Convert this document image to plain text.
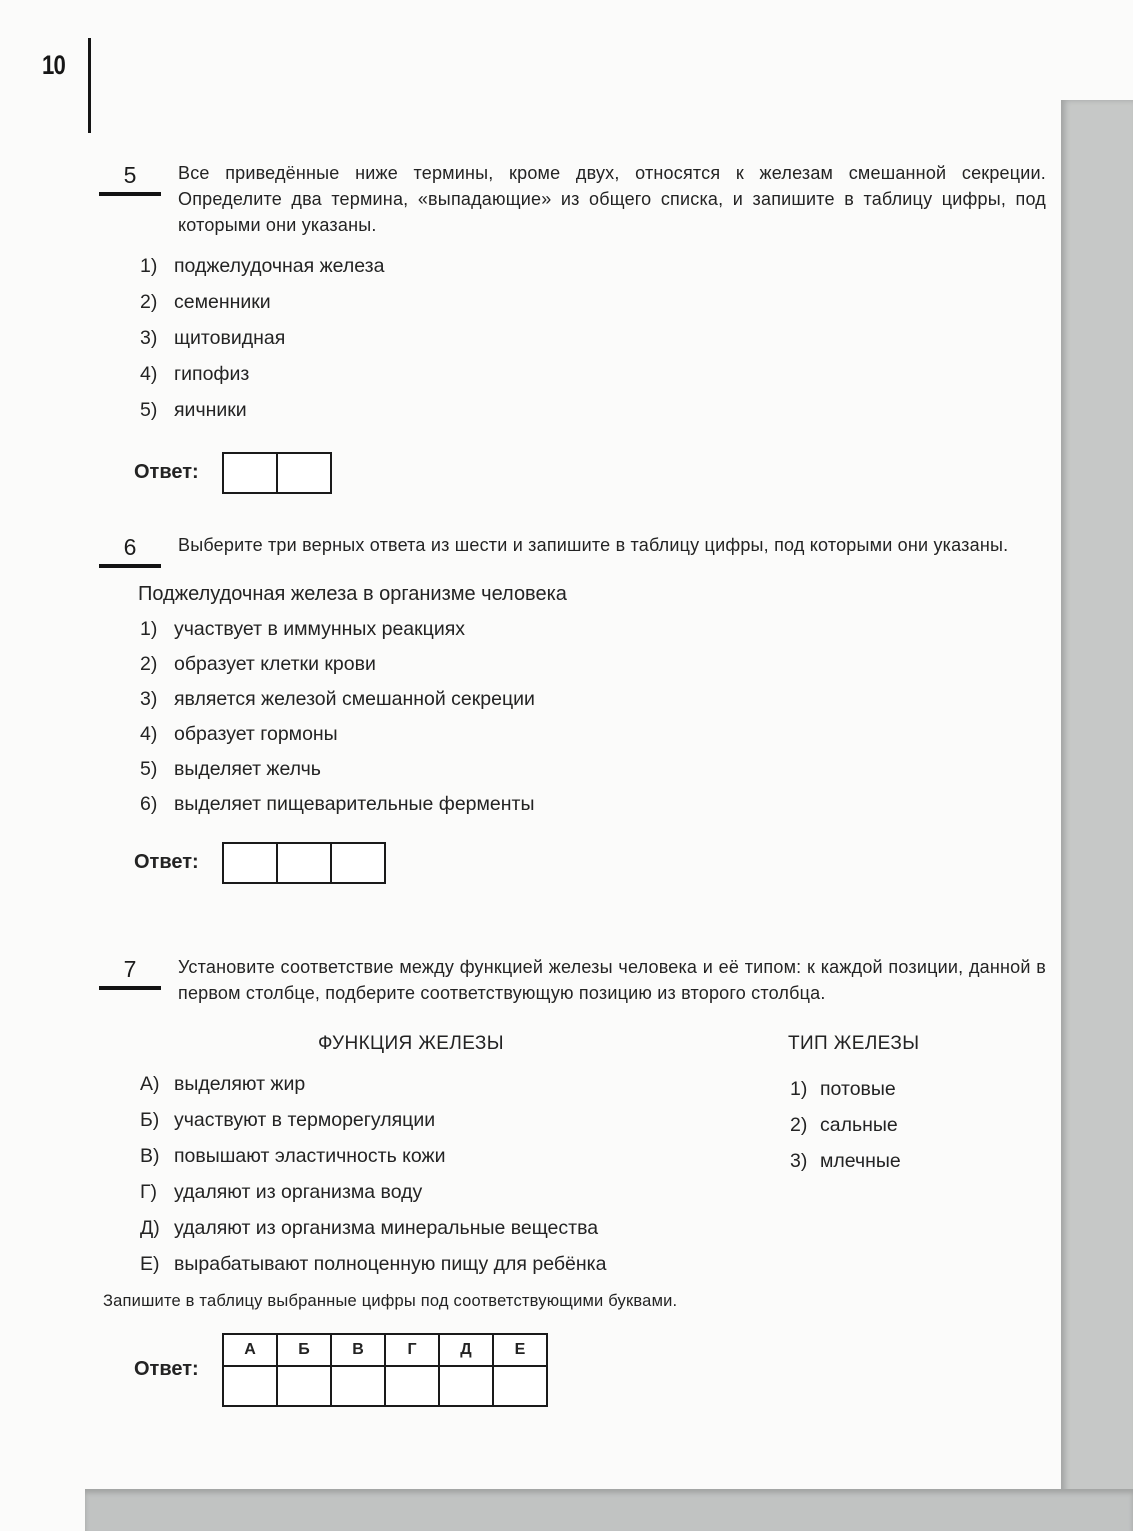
10
5	Все приведённые ниже термины, кроме двух, относятся к железам смешанной секреции. Определите два термина, «выпадающие» из общего списка, и запишите в таблицу цифры, под которыми они указаны.

1) поджелудочная железа
2) семенники
3) щитовидная
4) гипофиз
5) яичники
Ответ:
6	Выберите три верных ответа из шести и запишите в таблицу цифры, под которыми они указаны.

Поджелудочная железа в организме человека
1) участвует в иммунных реакциях
2) образует клетки крови
3) является железой смешанной секреции
4) образует гормоны
5) выделяет желчь
6) выделяет пищеварительные ферменты
Ответ:
7	Установите соответствие между функцией железы человека и её типом: к каждой позиции, данной в первом столбце, подберите соответствующую позицию из второго столбца.

ФУНКЦИЯ ЖЕЛЕЗЫ	ТИП ЖЕЛЕЗЫ
А) выделяют жир
Б) участвуют в терморегуляции
В) повышают эластичность кожи
Г) удаляют из организма воду
Д) удаляют из организма минеральные вещества
Е) вырабатывают полноценную пищу для ребёнка
1) потовые
2) сальные
3) млечные
Запишите в таблицу выбранные цифры под соответствующими буквами.
Ответ:
А	Б	В	Г	Д	Е
